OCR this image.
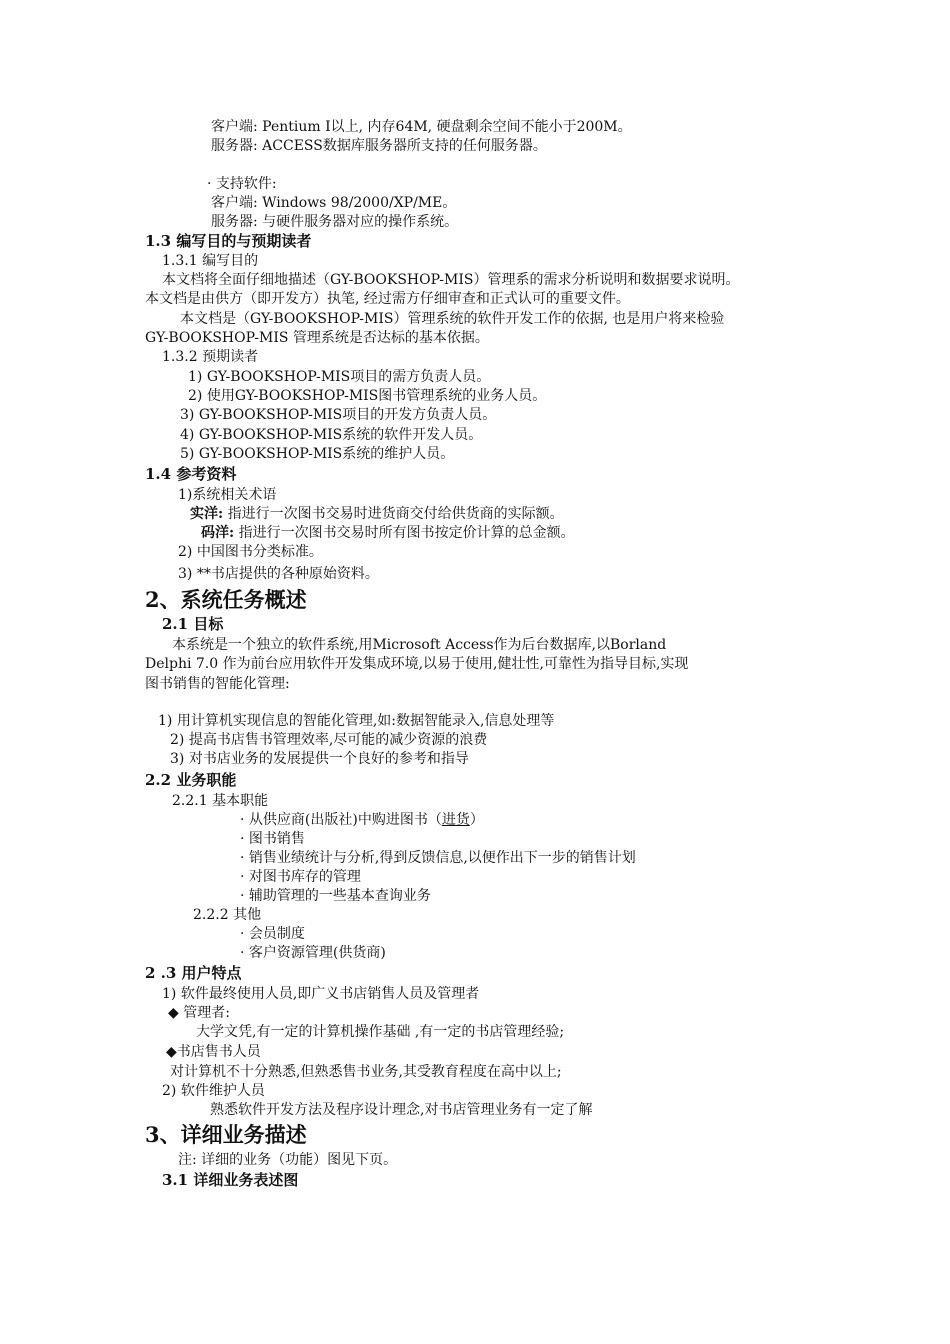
客户端: Pentium Ⅰ以上, 内存64M, 硬盘剩余空间不能小于200M。
服务器: ACCESS数据库服务器所支持的任何服务器。
· 支持软件:
客户端: Windows 98/2000/XP/ME。
服务器: 与硬件服务器对应的操作系统。
1.3 编写目的与预期读者
1.3.1 编写目的
本文档将全面仔细地描述（GY-BOOKSHOP-MIS）管理系的需求分析说明和数据要求说明。
本文档是由供方（即开发方）执笔, 经过需方仔细审查和正式认可的重要文件。
本文档是（GY-BOOKSHOP-MIS）管理系统的软件开发工作的依据, 也是用户将来检验
GY-BOOKSHOP-MIS 管理系统是否达标的基本依据。
1.3.2 预期读者
1) GY-BOOKSHOP-MIS项目的需方负责人员。
2) 使用GY-BOOKSHOP-MIS图书管理系统的业务人员。
3) GY-BOOKSHOP-MIS项目的开发方负责人员。
4) GY-BOOKSHOP-MIS系统的软件开发人员。
5) GY-BOOKSHOP-MIS系统的维护人员。
1.4 参考资料
1)系统相关术语
实洋: 指进行一次图书交易时进货商交付给供货商的实际额。
码洋: 指进行一次图书交易时所有图书按定价计算的总金额。
2) 中国图书分类标准。
3) **书店提供的各种原始资料。
2、系统任务概述
2.1 目标
本系统是一个独立的软件系统,用Microsoft Access作为后台数据库,以Borland
Delphi 7.0 作为前台应用软件开发集成环境,以易于使用,健壮性,可靠性为指导目标,实现
图书销售的智能化管理:
1) 用计算机实现信息的智能化管理,如:数据智能录入,信息处理等
2) 提高书店售书管理效率,尽可能的减少资源的浪费
3) 对书店业务的发展提供一个良好的参考和指导
2.2 业务职能
2.2.1 基本职能
· 从供应商(出版社)中购进图书（进货）
· 图书销售
· 销售业绩统计与分析,得到反馈信息,以便作出下一步的销售计划
· 对图书库存的管理
· 辅助管理的一些基本查询业务
2.2.2 其他
· 会员制度
· 客户资源管理(供货商)
2 .3 用户特点
1) 软件最终使用人员,即广义书店销售人员及管理者
◆ 管理者:
大学文凭,有一定的计算机操作基础 ,有一定的书店管理经验;
◆书店售书人员
对计算机不十分熟悉,但熟悉售书业务,其受教育程度在高中以上;
2) 软件维护人员
熟悉软件开发方法及程序设计理念,对书店管理业务有一定了解
3、详细业务描述
注: 详细的业务（功能）图见下页。
3.1 详细业务表述图
